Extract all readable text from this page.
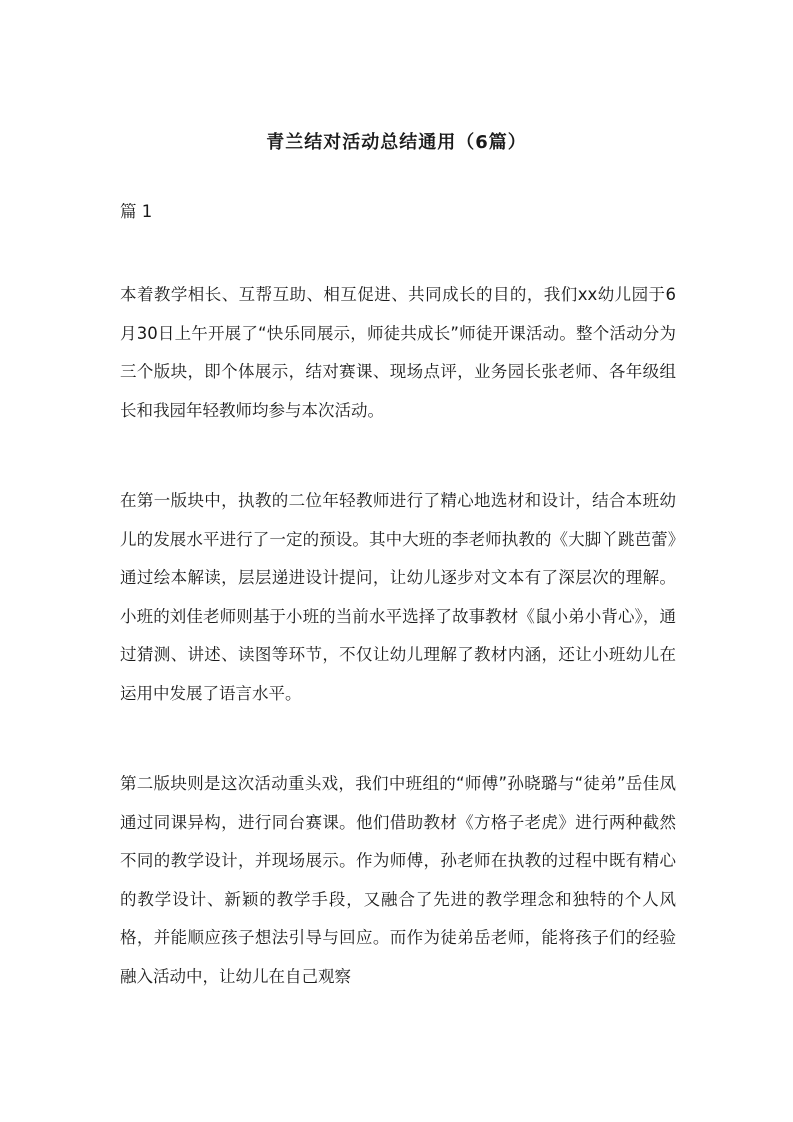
青兰结对活动总结通用（6篇）
篇 1

本着教学相长、互帮互助、相互促进、共同成长的目的，我们xx幼儿园于6月30日上午开展了“快乐同展示，师徒共成长”师徒开课活动。整个活动分为三个版块，即个体展示，结对赛课、现场点评，业务园长张老师、各年级组长和我园年轻教师均参与本次活动。

在第一版块中，执教的二位年轻教师进行了精心地选材和设计，结合本班幼儿的发展水平进行了一定的预设。其中大班的李老师执教的《大脚丫跳芭蕾》通过绘本解读，层层递进设计提问，让幼儿逐步对文本有了深层次的理解。小班的刘佳老师则基于小班的当前水平选择了故事教材《鼠小弟小背心》，通过猜测、讲述、读图等环节，不仅让幼儿理解了教材内涵，还让小班幼儿在运用中发展了语言水平。

第二版块则是这次活动重头戏，我们中班组的“师傅”孙晓璐与“徒弟”岳佳凤通过同课异构，进行同台赛课。他们借助教材《方格子老虎》进行两种截然不同的教学设计，并现场展示。作为师傅，孙老师在执教的过程中既有精心的教学设计、新颖的教学手段，又融合了先进的教学理念和独特的个人风格，并能顺应孩子想法引导与回应。而作为徒弟岳老师，能将孩子们的经验融入活动中，让幼儿在自己观察
